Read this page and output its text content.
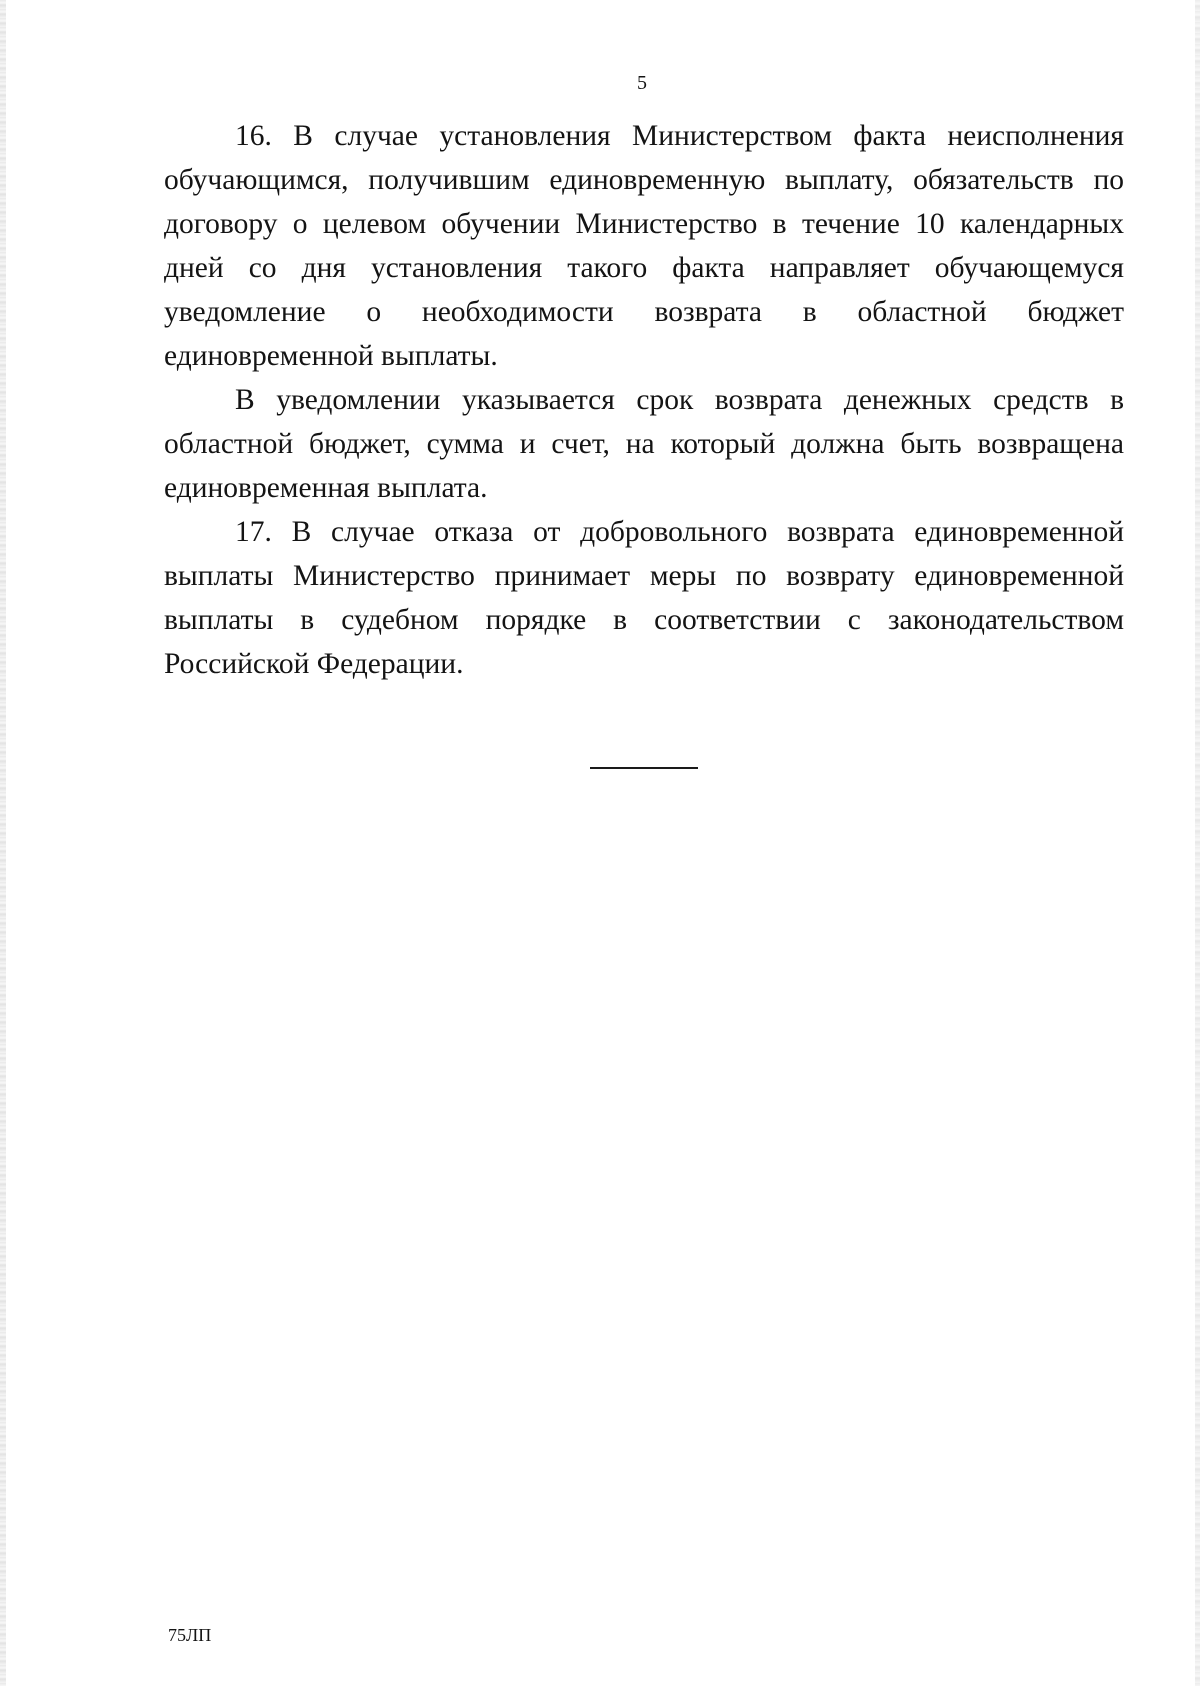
5

16. В случае установления Министерством факта неисполнения обучающимся, получившим единовременную выплату, обязательств по договору о целевом обучении Министерство в течение 10 календарных дней со дня установления такого факта направляет обучающемуся уведомление о необходимости возврата в областной бюджет единовременной выплаты.

В уведомлении указывается срок возврата денежных средств в областной бюджет, сумма и счет, на который должна быть возвращена единовременная выплата.

17. В случае отказа от добровольного возврата единовременной выплаты Министерство принимает меры по возврату единовременной выплаты в судебном порядке в соответствии с законодательством Российской Федерации.

75ЛП
